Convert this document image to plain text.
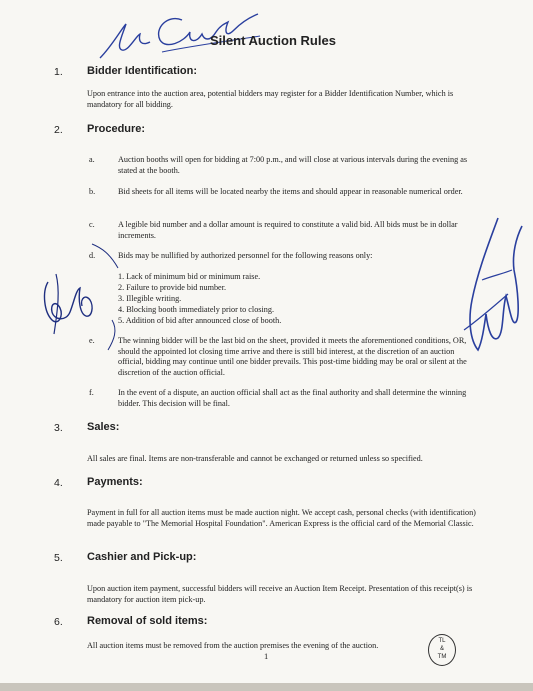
Silent Auction Rules
1. Bidder Identification:
Upon entrance into the auction area, potential bidders may register for a Bidder Identification Number, which is mandatory for all bidding.
2. Procedure:
a.	Auction booths will open for bidding at 7:00 p.m., and will close at various intervals during the evening as stated at the booth.
b.	Bid sheets for all items will be located nearby the items and should appear in reasonable numerical order.
c.	A legible bid number and a dollar amount is required to constitute a valid bid. All bids must be in dollar increments.
d.	Bids may be nullified by authorized personnel for the following reasons only:
1. Lack of minimum bid or minimum raise.
2. Failure to provide bid number.
3. Illegible writing.
4. Blocking booth immediately prior to closing.
5. Addition of bid after announced close of booth.
e.	The winning bidder will be the last bid on the sheet, provided it meets the aforementioned conditions, OR, should the appointed lot closing time arrive and there is still bid interest, at the discretion of an auction official, bidding may continue until one bidder prevails. This post-time bidding may be oral or silent at the discretion of the auction official.
f.	In the event of a dispute, an auction official shall act as the final authority and shall determine the winning bidder. This decision will be final.
3. Sales:
All sales are final. Items are non-transferable and cannot be exchanged or returned unless so specified.
4. Payments:
Payment in full for all auction items must be made auction night. We accept cash, personal checks (with identification) made payable to "The Memorial Hospital Foundation". American Express is the official card of the Memorial Classic.
5. Cashier and Pick-up:
Upon auction item payment, successful bidders will receive an Auction Item Receipt. Presentation of this receipt(s) is mandatory for auction item pick-up.
6. Removal of sold items:
All auction items must be removed from the auction premises the evening of the auction.
1
TL
&
TM
